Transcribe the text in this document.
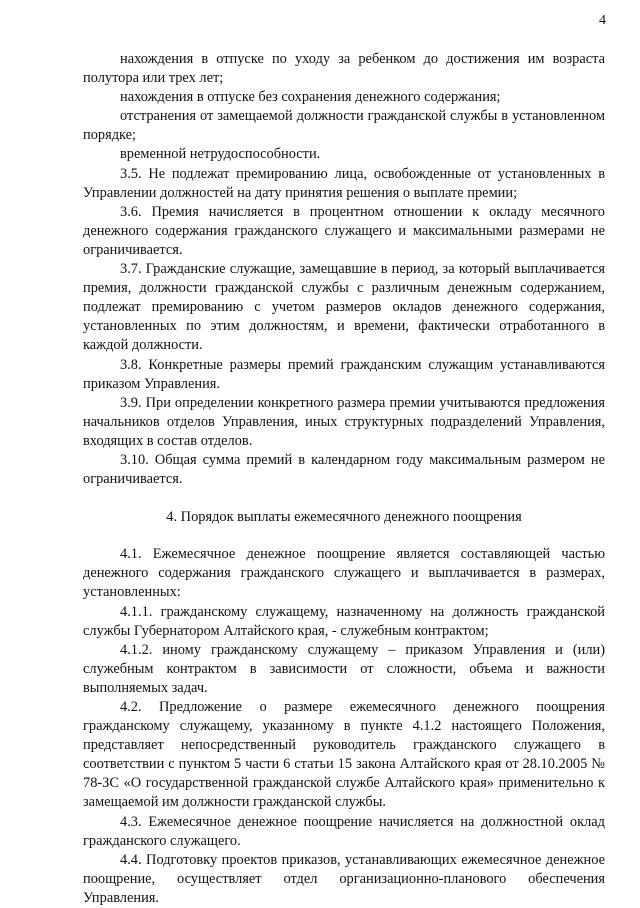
4

нахождения в отпуске по уходу за ребенком до достижения им возраста полутора или трех лет;

нахождения в отпуске без сохранения денежного содержания;

отстранения от замещаемой должности гражданской службы в установленном порядке;

временной нетрудоспособности.

3.5. Не подлежат премированию лица, освобожденные от установленных в Управлении должностей на дату принятия решения о выплате премии;

3.6. Премия начисляется в процентном отношении к окладу месячного денежного содержания гражданского служащего и максимальными размерами не ограничивается.

3.7. Гражданские служащие, замещавшие в период, за который выплачивается премия, должности гражданской службы с различным денежным содержанием, подлежат премированию с учетом размеров окладов денежного содержания, установленных по этим должностям, и времени, фактически отработанного в каждой должности.

3.8. Конкретные размеры премий гражданским служащим устанавливаются приказом Управления.

3.9. При определении конкретного размера премии учитываются предложения начальников отделов Управления, иных структурных подразделений Управления, входящих в состав отделов.

3.10. Общая сумма премий в календарном году максимальным размером не ограничивается.

4. Порядок выплаты ежемесячного денежного поощрения

4.1. Ежемесячное денежное поощрение является составляющей частью денежного содержания гражданского служащего и выплачивается в размерах, установленных:

4.1.1. гражданскому служащему, назначенному на должность гражданской службы Губернатором Алтайского края, - служебным контрактом;

4.1.2. иному гражданскому служащему – приказом Управления и (или) служебным контрактом в зависимости от сложности, объема и важности выполняемых задач.

4.2. Предложение о размере ежемесячного денежного поощрения гражданскому служащему, указанному в пункте 4.1.2 настоящего Положения, представляет непосредственный руководитель гражданского служащего в соответствии с пунктом 5 части 6 статьи 15 закона Алтайского края от 28.10.2005 № 78-ЗС «О государственной гражданской службе Алтайского края» применительно к замещаемой им должности гражданской службы.

4.3. Ежемесячное денежное поощрение начисляется на должностной оклад гражданского служащего.

4.4. Подготовку проектов приказов, устанавливающих ежемесячное денежное поощрение, осуществляет отдел организационно-планового обеспечения Управления.
